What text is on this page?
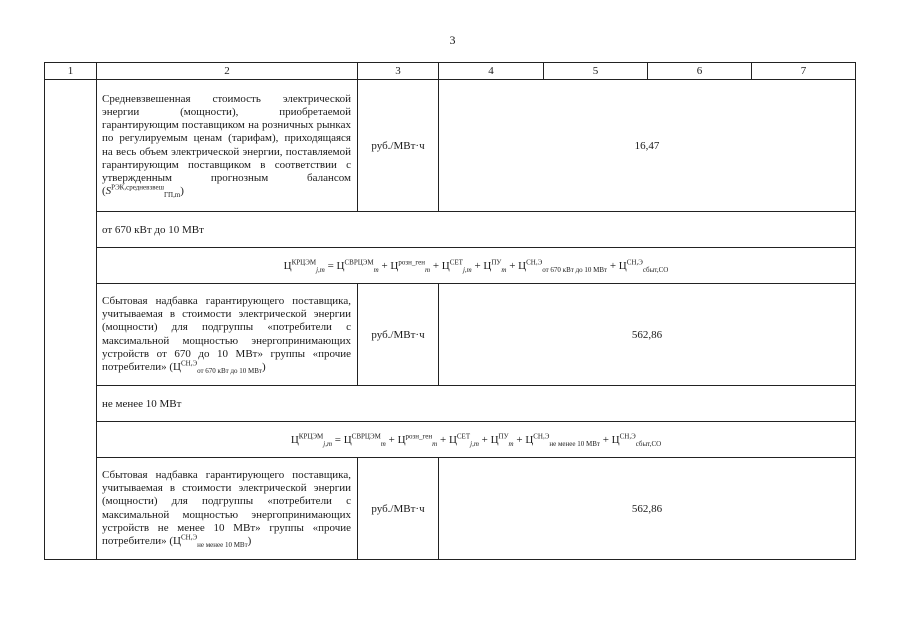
3
1	2	3	4	5	6	7
	Средневзвешенная стоимость электрической энергии (мощности), приобретаемой гарантирующим поставщиком на розничных рынках по регулируемым ценам (тарифам), приходящаяся на весь объем электрической энергии, поставляемой гарантирующим поставщиком в соответствии с утвержденным прогнозным балансом $(S^{РЭК,средневзвеш}_{ГП,m})$	руб./МВт·ч	16,47			
	от 670 кВт до 10 МВт					
	$Ц^{КРЦЭМ}_{j,m} = Ц^{СВРЦЭМ}_m + Ц^{розн\_ген}_m + Ц^{СЕТ}_{j,m} + Ц^{ПУ}_m + Ц^{СН,Э}_{от 670 кВт до 10 МВт} + Ц^{СН,Э}_{сбыт,СО}$
	Сбытовая надбавка гарантирующего поставщика, учитываемая в стоимости электрической энергии (мощности) для подгруппы «потребители с максимальной мощностью энергопринимающих устройств от 670 до 10 МВт» группы «прочие потребители» $(Ц^{СН,Э}_{от 670 кВт до 10 МВт})$	руб./МВт·ч	562,86			
	не менее 10 МВт					
	$Ц^{КРЦЭМ}_{j,m} = Ц^{СВРЦЭМ}_m + Ц^{розн\_ген}_m + Ц^{СЕТ}_{j,m} + Ц^{ПУ}_m + Ц^{СН,Э}_{не менее 10 МВт} + Ц^{СН,Э}_{сбыт,СО}$
	Сбытовая надбавка гарантирующего поставщика, учитываемая в стоимости электрической энергии (мощности) для подгруппы «потребители с максимальной мощностью энергопринимающих устройств не менее 10 МВт» группы «прочие потребители» $(Ц^{СН,Э}_{не менее 10 МВт})$	руб./МВт·ч	562,86			
